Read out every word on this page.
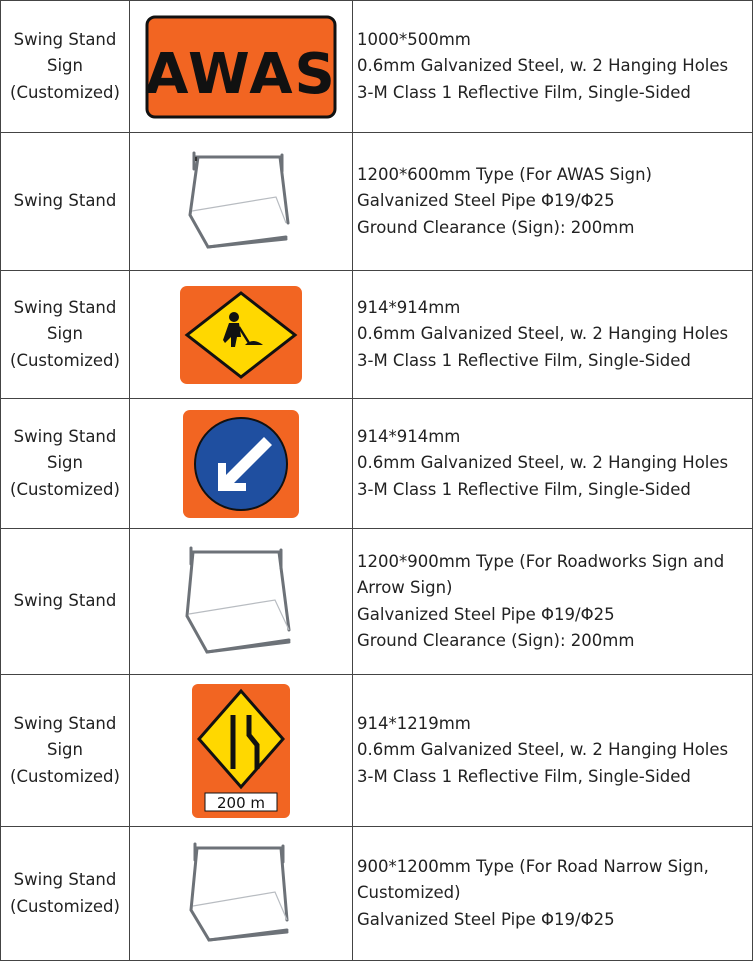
Swing Stand
Sign
(Customized)	AWAS	1000*500mm
0.6mm Galvanized Steel, w. 2 Hanging Holes
3-M Class 1 Reflective Film, Single-Sided

Swing Stand		1200*600mm Type (For AWAS Sign)
Galvanized Steel Pipe Φ19/Φ25
Ground Clearance (Sign): 200mm

Swing Stand
Sign
(Customized)		914*914mm
0.6mm Galvanized Steel, w. 2 Hanging Holes
3-M Class 1 Reflective Film, Single-Sided

Swing Stand
Sign
(Customized)		914*914mm
0.6mm Galvanized Steel, w. 2 Hanging Holes
3-M Class 1 Reflective Film, Single-Sided

Swing Stand		1200*900mm Type (For Roadworks Sign and Arrow Sign)
Galvanized Steel Pipe Φ19/Φ25
Ground Clearance (Sign): 200mm

Swing Stand
Sign
(Customized)	200 m	914*1219mm
0.6mm Galvanized Steel, w. 2 Hanging Holes
3-M Class 1 Reflective Film, Single-Sided

Swing Stand
(Customized)		900*1200mm Type (For Road Narrow Sign, Customized)
Galvanized Steel Pipe Φ19/Φ25
